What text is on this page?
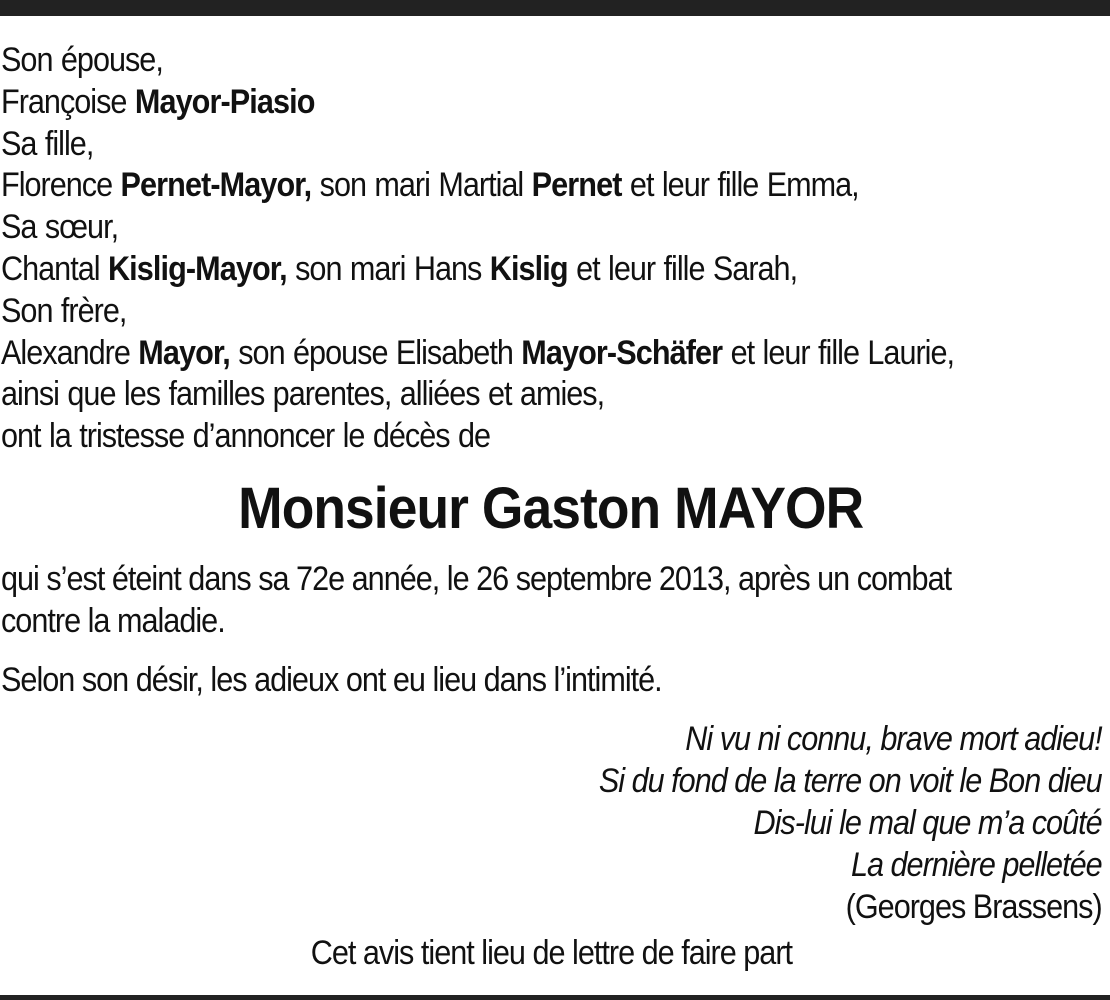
Son épouse,
Françoise Mayor-Piasio
Sa fille,
Florence Pernet-Mayor, son mari Martial Pernet et leur fille Emma,
Sa sœur,
Chantal Kislig-Mayor, son mari Hans Kislig et leur fille Sarah,
Son frère,
Alexandre Mayor, son épouse Elisabeth Mayor-Schäfer et leur fille Laurie,
ainsi que les familles parentes, alliées et amies,
ont la tristesse d’annoncer le décès de
Monsieur Gaston MAYOR
qui s’est éteint dans sa 72e année, le 26 septembre 2013, après un combat
contre la maladie.
Selon son désir, les adieux ont eu lieu dans l’intimité.
Ni vu ni connu, brave mort adieu!
Si du fond de la terre on voit le Bon dieu
Dis-lui le mal que m’a coûté
La dernière pelletée
(Georges Brassens)
Cet avis tient lieu de lettre de faire part
